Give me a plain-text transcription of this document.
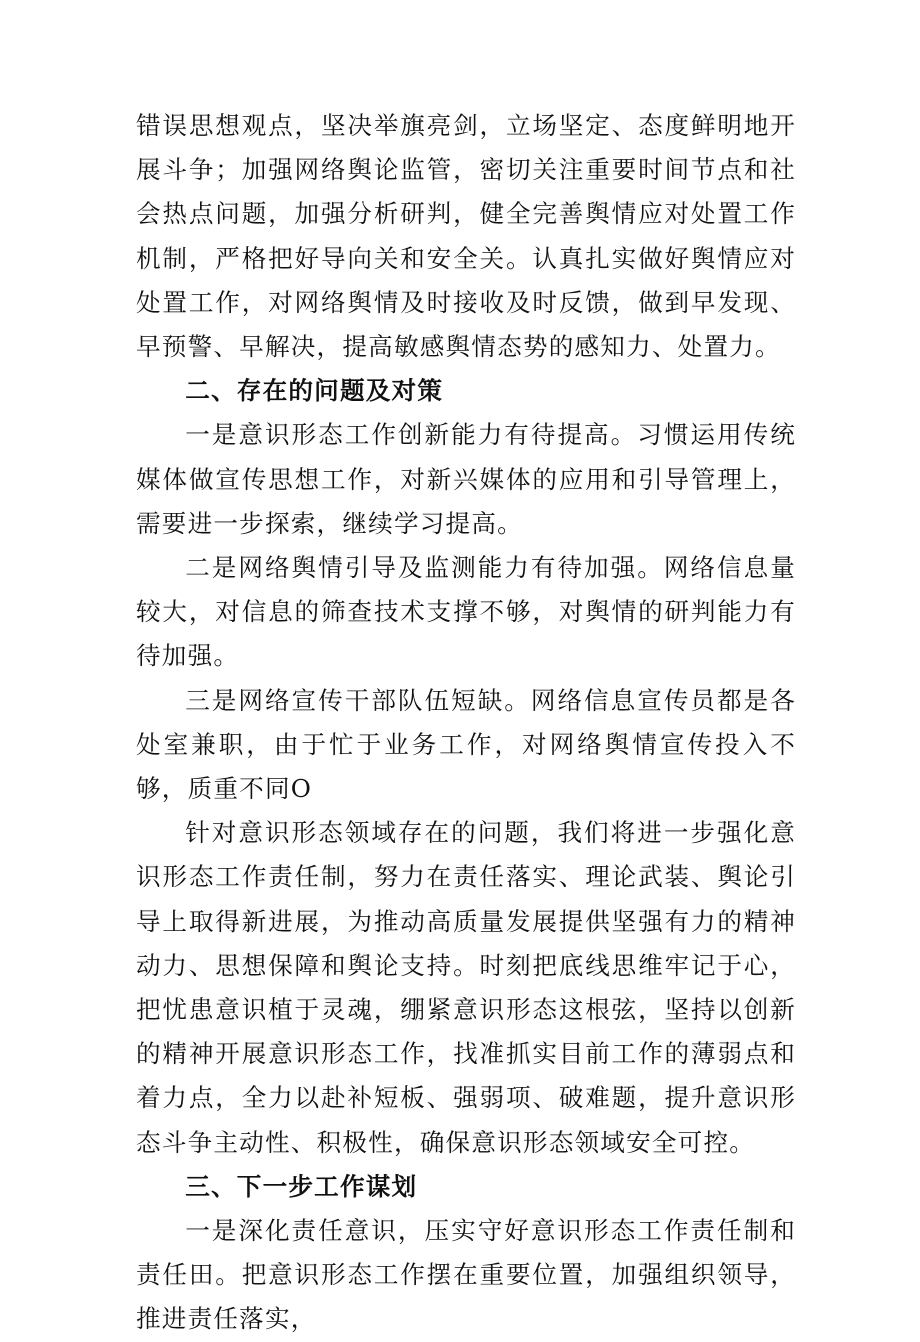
错误思想观点，坚决举旗亮剑，立场坚定、态度鲜明地开展斗争；加强网络舆论监管，密切关注重要时间节点和社会热点问题，加强分析研判，健全完善舆情应对处置工作机制，严格把好导向关和安全关。认真扎实做好舆情应对处置工作，对网络舆情及时接收及时反馈，做到早发现、早预警、早解决，提高敏感舆情态势的感知力、处置力。

二、存在的问题及对策

一是意识形态工作创新能力有待提高。习惯运用传统媒体做宣传思想工作，对新兴媒体的应用和引导管理上，需要进一步探索，继续学习提高。

二是网络舆情引导及监测能力有待加强。网络信息量较大，对信息的筛查技术支撑不够，对舆情的研判能力有待加强。

三是网络宣传干部队伍短缺。网络信息宣传员都是各处室兼职，由于忙于业务工作，对网络舆情宣传投入不够，质重不同O

针对意识形态领域存在的问题，我们将进一步强化意识形态工作责任制，努力在责任落实、理论武装、舆论引导上取得新进展，为推动高质量发展提供坚强有力的精神动力、思想保障和舆论支持。时刻把底线思维牢记于心，把忧患意识植于灵魂，绷紧意识形态这根弦，坚持以创新的精神开展意识形态工作，找准抓实目前工作的薄弱点和着力点，全力以赴补短板、强弱项、破难题，提升意识形态斗争主动性、积极性，确保意识形态领域安全可控。

三、下一步工作谋划

一是深化责任意识，压实守好意识形态工作责任制和责任田。把意识形态工作摆在重要位置，加强组织领导，推进责任落实，
